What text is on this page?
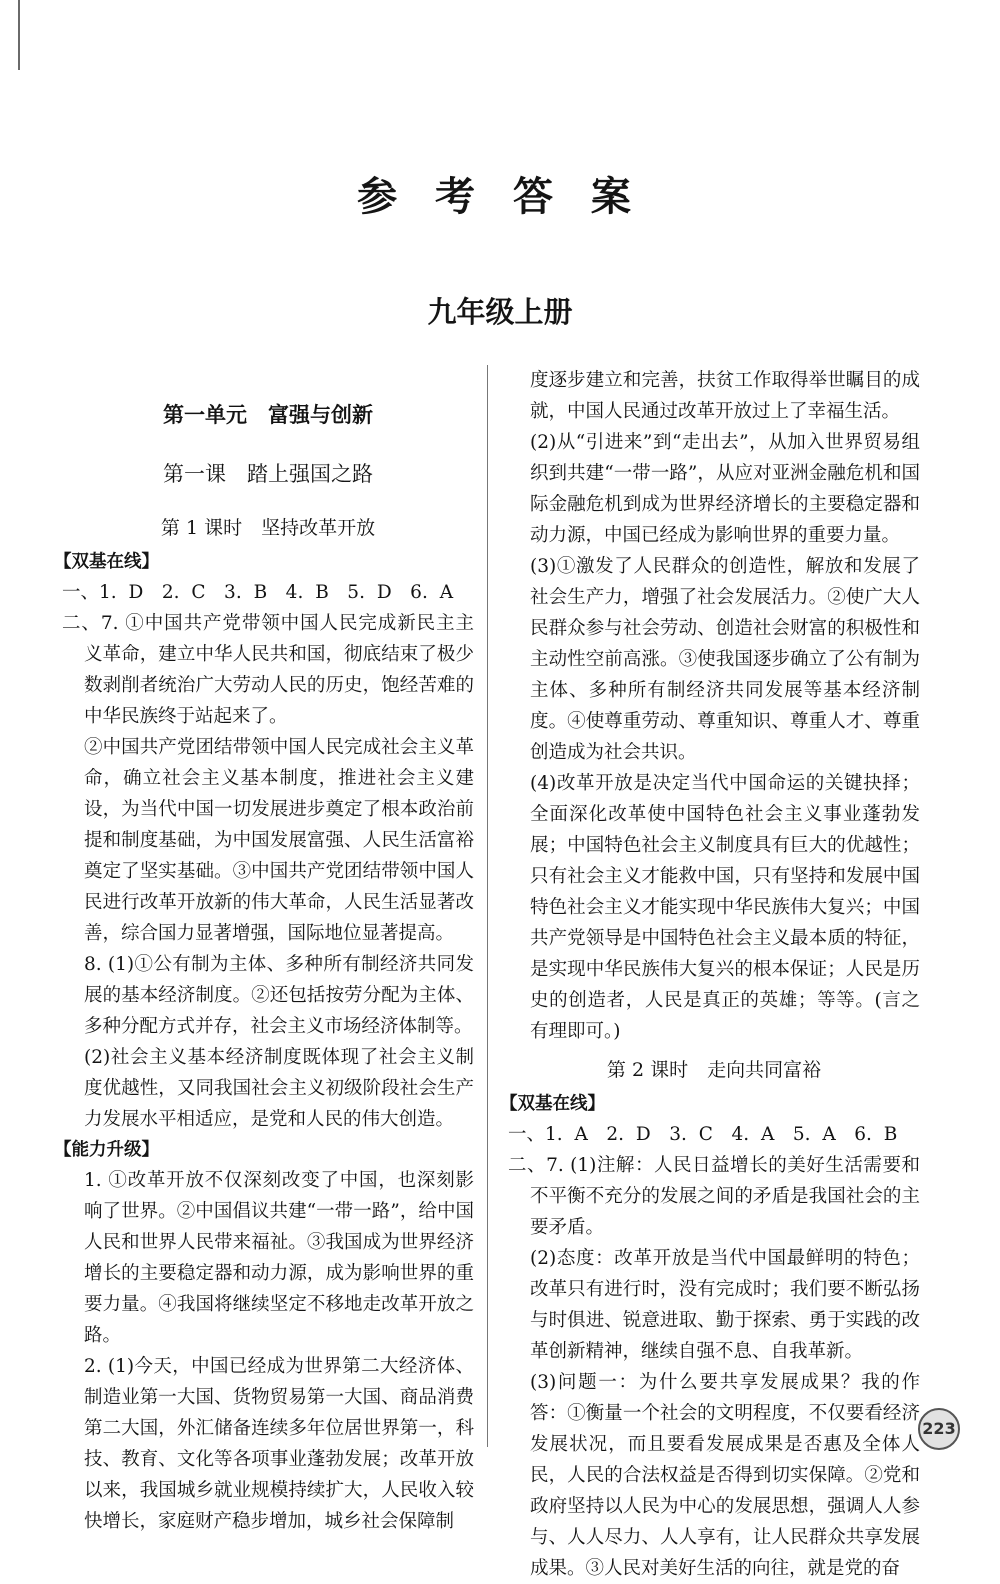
参 考 答 案
九年级上册
第一单元　富强与创新
第一课　踏上强国之路
第 1 课时　坚持改革开放
【双基在线】

一、1. D　2. C　3. B　4. B　5. D　6. A

二、7. ①中国共产党带领中国人民完成新民主主义革命，建立中华人民共和国，彻底结束了极少数剥削者统治广大劳动人民的历史，饱经苦难的中华民族终于站起来了。

②中国共产党团结带领中国人民完成社会主义革命，确立社会主义基本制度，推进社会主义建设，为当代中国一切发展进步奠定了根本政治前提和制度基础，为中国发展富强、人民生活富裕奠定了坚实基础。③中国共产党团结带领中国人民进行改革开放新的伟大革命，人民生活显著改善，综合国力显著增强，国际地位显著提高。

8. (1)①公有制为主体、多种所有制经济共同发展的基本经济制度。②还包括按劳分配为主体、多种分配方式并存，社会主义市场经济体制等。

(2)社会主义基本经济制度既体现了社会主义制度优越性，又同我国社会主义初级阶段社会生产力发展水平相适应，是党和人民的伟大创造。

【能力升级】

1. ①改革开放不仅深刻改变了中国，也深刻影响了世界。②中国倡议共建“一带一路”，给中国人民和世界人民带来福祉。③我国成为世界经济增长的主要稳定器和动力源，成为影响世界的重要力量。④我国将继续坚定不移地走改革开放之路。

2. (1)今天，中国已经成为世界第二大经济体、制造业第一大国、货物贸易第一大国、商品消费第二大国，外汇储备连续多年位居世界第一，科技、教育、文化等各项事业蓬勃发展；改革开放以来，我国城乡就业规模持续扩大，人民收入较快增长，家庭财产稳步增加，城乡社会保障制

度逐步建立和完善，扶贫工作取得举世瞩目的成就，中国人民通过改革开放过上了幸福生活。

(2)从“引进来”到“走出去”，从加入世界贸易组织到共建“一带一路”，从应对亚洲金融危机和国际金融危机到成为世界经济增长的主要稳定器和动力源，中国已经成为影响世界的重要力量。

(3)①激发了人民群众的创造性，解放和发展了社会生产力，增强了社会发展活力。②使广大人民群众参与社会劳动、创造社会财富的积极性和主动性空前高涨。③使我国逐步确立了公有制为主体、多种所有制经济共同发展等基本经济制度。④使尊重劳动、尊重知识、尊重人才、尊重创造成为社会共识。

(4)改革开放是决定当代中国命运的关键抉择；全面深化改革使中国特色社会主义事业蓬勃发展；中国特色社会主义制度具有巨大的优越性；只有社会主义才能救中国，只有坚持和发展中国特色社会主义才能实现中华民族伟大复兴；中国共产党领导是中国特色社会主义最本质的特征，是实现中华民族伟大复兴的根本保证；人民是历史的创造者，人民是真正的英雄；等等。(言之有理即可。)

第 2 课时　走向共同富裕
【双基在线】

一、1. A　2. D　3. C　4. A　5. A　6. B

二、7. (1)注解：人民日益增长的美好生活需要和不平衡不充分的发展之间的矛盾是我国社会的主要矛盾。

(2)态度：改革开放是当代中国最鲜明的特色；改革只有进行时，没有完成时；我们要不断弘扬与时俱进、锐意进取、勤于探索、勇于实践的改革创新精神，继续自强不息、自我革新。

(3)问题一：为什么要共享发展成果？我的作答：①衡量一个社会的文明程度，不仅要看经济发展状况，而且要看发展成果是否惠及全体人民，人民的合法权益是否得到切实保障。②党和政府坚持以人民为中心的发展思想，强调人人参与、人人尽力、人人享有，让人民群众共享发展成果。③人民对美好生活的向往，就是党的奋

223
